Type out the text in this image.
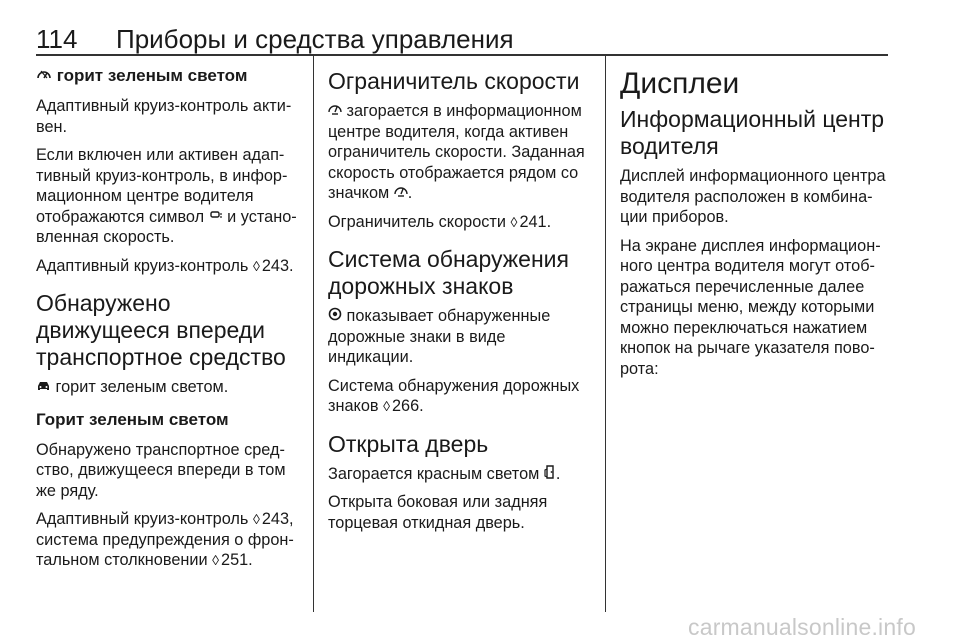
114 Приборы и средства управления
горит зеленым светом

Адаптивный круиз-контроль акти-вен.

Если включен или активен адап-тивный круиз-контроль, в инфор-мационном центре водителя отображаются символ и устано-вленная скорость.

Адаптивный круиз-контроль ◊ 243.

Обнаружено движущееся впереди транспортное средство

горит зеленым светом.

Горит зеленым светом

Обнаружено транспортное сред-ство, движущееся впереди в том же ряду.

Адаптивный круиз-контроль ◊ 243, система предупреждения о фрон-тальном столкновении ◊ 251.

Ограничитель скорости

загорается в информационном центре водителя, когда активен ограничитель скорости. Заданная скорость отображается рядом со значком .

Ограничитель скорости ◊ 241.

Система обнаружения дорожных знаков

показывает обнаруженные дорожные знаки в виде индикации.

Система обнаружения дорожных знаков ◊ 266.

Открыта дверь

Загорается красным светом .

Открыта боковая или задняя торцевая откидная дверь.

Дисплеи
Информационный центр водителя

Дисплей информационного центра водителя расположен в комбина-ции приборов.

На экране дисплея информацион-ного центра водителя могут отоб-ражаться перечисленные далее страницы меню, между которыми можно переключаться нажатием кнопок на рычаге указателя пово-рота:

carmanualsonline.info
